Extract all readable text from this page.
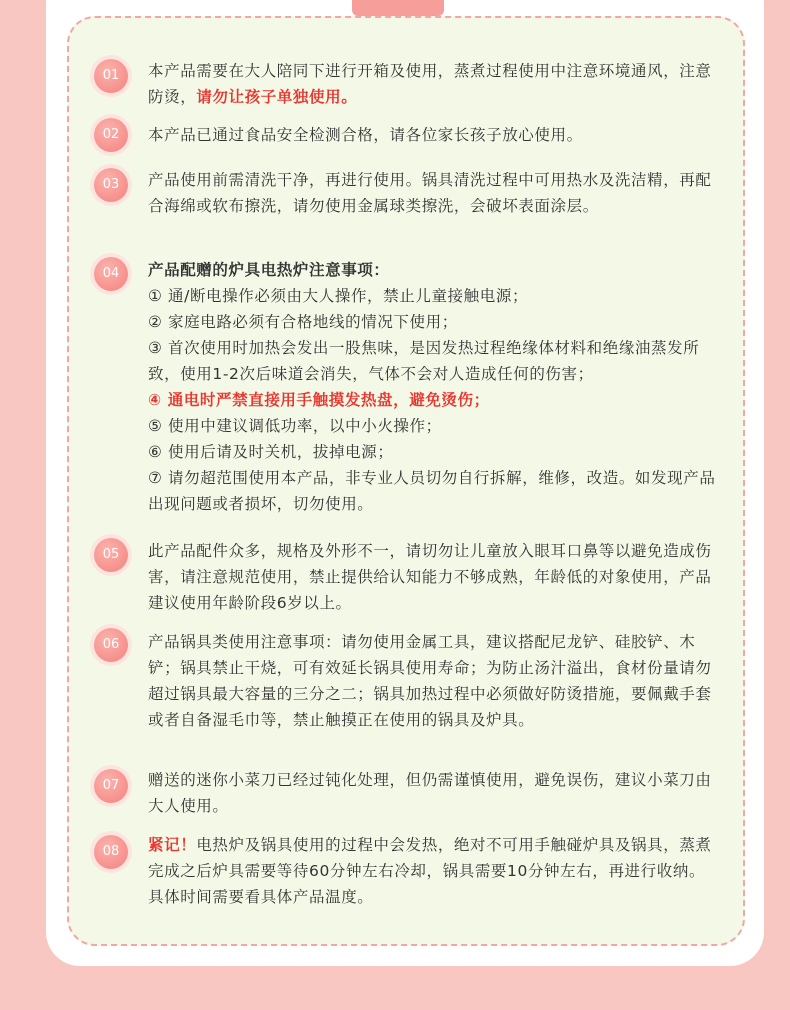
01	本产品需要在大人陪同下进行开箱及使用，蒸煮过程使用中注意环境通风，注意防烫，请勿让孩子单独使用。
02	本产品已通过食品安全检测合格，请各位家长孩子放心使用。
03	产品使用前需清洗干净，再进行使用。锅具清洗过程中可用热水及洗洁精，再配合海绵或软布擦洗，请勿使用金属球类擦洗，会破坏表面涂层。
04	产品配赠的炉具电热炉注意事项：
① 通/断电操作必须由大人操作，禁止儿童接触电源；
② 家庭电路必须有合格地线的情况下使用；
③ 首次使用时加热会发出一股焦味，是因发热过程绝缘体材料和绝缘油蒸发所致，使用1-2次后味道会消失，气体不会对人造成任何的伤害；
④ 通电时严禁直接用手触摸发热盘，避免烫伤；
⑤ 使用中建议调低功率，以中小火操作；
⑥ 使用后请及时关机，拔掉电源；
⑦ 请勿超范围使用本产品，非专业人员切勿自行拆解，维修，改造。如发现产品出现问题或者损坏，切勿使用。
05	此产品配件众多，规格及外形不一，请切勿让儿童放入眼耳口鼻等以避免造成伤害，请注意规范使用，禁止提供给认知能力不够成熟，年龄低的对象使用，产品建议使用年龄阶段6岁以上。
06	产品锅具类使用注意事项：请勿使用金属工具，建议搭配尼龙铲、硅胶铲、木铲；锅具禁止干烧，可有效延长锅具使用寿命；为防止汤汁溢出，食材份量请勿超过锅具最大容量的三分之二；锅具加热过程中必须做好防烫措施，要佩戴手套或者自备湿毛巾等，禁止触摸正在使用的锅具及炉具。
07	赠送的迷你小菜刀已经过钝化处理，但仍需谨慎使用，避免误伤，建议小菜刀由大人使用。
08	紧记！电热炉及锅具使用的过程中会发热，绝对不可用手触碰炉具及锅具，蒸煮完成之后炉具需要等待60分钟左右冷却，锅具需要10分钟左右，再进行收纳。具体时间需要看具体产品温度。
